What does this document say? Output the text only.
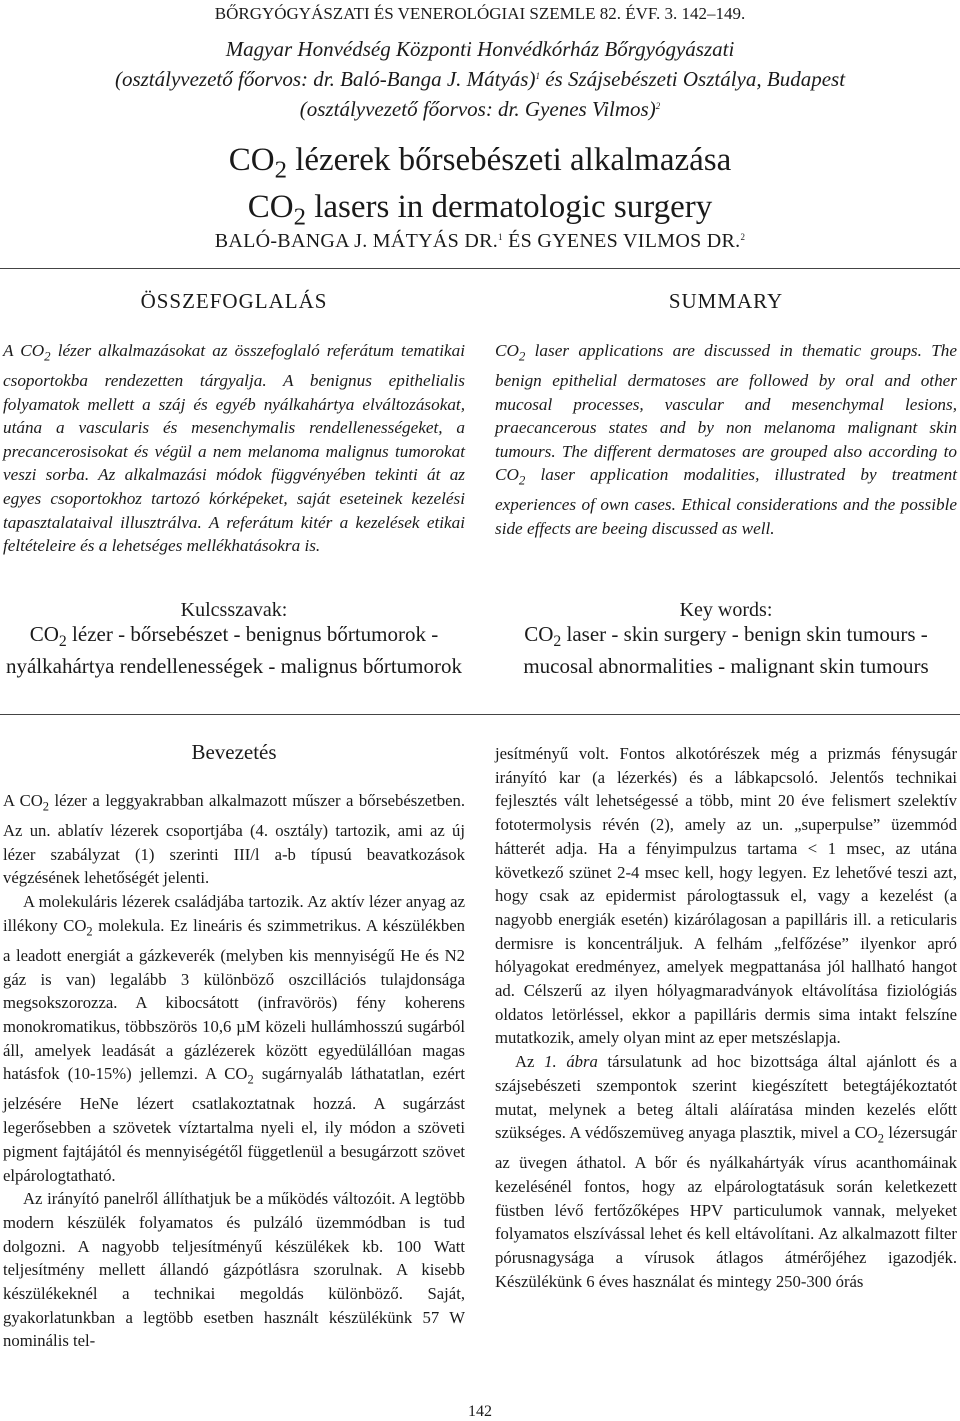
BŐRGYÓGYÁSZATI ÉS VENEROLÓGIAI SZEMLE 82. ÉVF. 3. 142–149.
Magyar Honvédség Központi Honvédkórház Bőrgyógyászati
(osztályvezető főorvos: dr. Baló-Banga J. Mátyás)$^1$ és Szájsebészeti Osztálya, Budapest
(osztályvezető főorvos: dr. Gyenes Vilmos)$^2$
$CO_2$ lézerek bőrsebészeti alkalmazása
$CO_2$ lasers in dermatologic surgery
BALÓ-BANGA J. MÁTYÁS DR.$^1$ ÉS GYENES VILMOS DR.$^2$
ÖSSZEFOGLALÁS
A $CO_2$ lézer alkalmazásokat az összefoglaló referátum tematikai csoportokba rendezetten tárgyalja. A benignus epithelialis folyamatok mellett a száj és egyéb nyálkahártya elváltozásokat, utána a vascularis és mesenchymalis rendellenességeket, a precancerosisokat és végül a nem melanoma malignus tumorokat veszi sorba. Az alkalmazási módok függvényében tekinti át az egyes csoportokhoz tartozó kórképeket, saját eseteinek kezelési tapasztalataival illusztrálva. A referátum kitér a kezelések etikai feltételeire és a lehetséges mellékhatásokra is.
Kulcsszavak:
$CO_2$ lézer - bőrsebészet - benignus bőrtumorok - nyálkahártya rendellenességek - malignus bőrtumorok
SUMMARY
$CO_2$ laser applications are discussed in thematic groups. The benign epithelial dermatoses are followed by oral and other mucosal processes, vascular and mesenchymal lesions, praecancerous states and by non melanoma malignant skin tumours. The different dermatoses are grouped also according to $CO_2$ laser application modalities, illustrated by treatment experiences of own cases. Ethical considerations and the possible side effects are beeing discussed as well.
Key words:
$CO_2$ laser - skin surgery - benign skin tumours - mucosal abnormalities - malignant skin tumours
Bevezetés

A $CO_2$ lézer a leggyakrabban alkalmazott műszer a bőrsebészetben. Az un. ablatív lézerek csoportjába (4. osztály) tartozik, ami az új lézer szabályzat (1) szerinti III/l a-b típusú beavatkozások végzésének lehetőségét jelenti.

A molekuláris lézerek családjába tartozik. Az aktív lézer anyag az illékony $CO_2$ molekula. Ez lineáris és szimmetrikus. A készülékben a leadott energiát a gázkeverék (melyben kis mennyiségű He és N2 gáz is van) legalább 3 különböző oszcillációs tulajdonsága megsokszorozza. A kibocsátott (infravörös) fény koherens monokromatikus, többszörös 10,6 µM közeli hullámhosszú sugárból áll, amelyek leadását a gázlézerek között egyedülállóan magas hatásfok (10-15%) jellemzi. A $CO_2$ sugárnyaláb láthatatlan, ezért jelzésére HeNe lézert csatlakoztatnak hozzá. A sugárzást legerősebben a szövetek víztartalma nyeli el, ily módon a szöveti pigment fajtájától és mennyiségétől függetlenül a besugárzott szövet elpárologtatható.

Az irányító panelről állíthatjuk be a működés változóit. A legtöbb modern készülék folyamatos és pulzáló üzemmódban is tud dolgozni. A nagyobb teljesítményű készülékek kb. 100 Watt teljesítmény mellett állandó gázpótlásra szorulnak. A kisebb készülékeknél a technikai megoldás különböző. Saját, gyakorlatunkban a legtöbb esetben használt készülékünk 57 W nominális tel-

jesítményű volt. Fontos alkotórészek még a prizmás fénysugár irányító kar (a lézerkés) és a lábkapcsoló. Jelentős technikai fejlesztés vált lehetségessé a több, mint 20 éve felismert szelektív fototermolysis révén (2), amely az un. „superpulse” üzemmód hátterét adja. Ha a fényimpulzus tartama < 1 msec, az utána következő szünet 2-4 msec kell, hogy legyen. Ez lehetővé teszi azt, hogy csak az epidermist párologtassuk el, vagy a kezelést (a nagyobb energiák esetén) kizárólagosan a papilláris ill. a reticularis dermisre is koncentráljuk. A felhám „felfőzése” ilyenkor apró hólyagokat eredményez, amelyek megpattanása jól hallható hangot ad. Célszerű az ilyen hólyagmaradványok eltávolítása fiziológiás oldatos letörléssel, ekkor a papilláris dermis sima intakt felszíne mutatkozik, amely olyan mint az eper metszéslapja.

Az 1. ábra társulatunk ad hoc bizottsága által ajánlott és a szájsebészeti szempontok szerint kiegészített betegtájékoztatót mutat, melynek a beteg általi aláíratása minden kezelés előtt szükséges. A védőszemüveg anyaga plasztik, mivel a $CO_2$ lézersugár az üvegen áthatol. A bőr és nyálkahártyák vírus acanthomáinak kezelésénél fontos, hogy az elpárologtatásuk során keletkezett füstben lévő fertőzőképes HPV particulumok vannak, melyeket folyamatos elszívással lehet és kell eltávolítani. Az alkalmazott filter pórusnagysága a vírusok átlagos átmérőjéhez igazodjék. Készülékünk 6 éves használat és mintegy 250-300 órás

142
